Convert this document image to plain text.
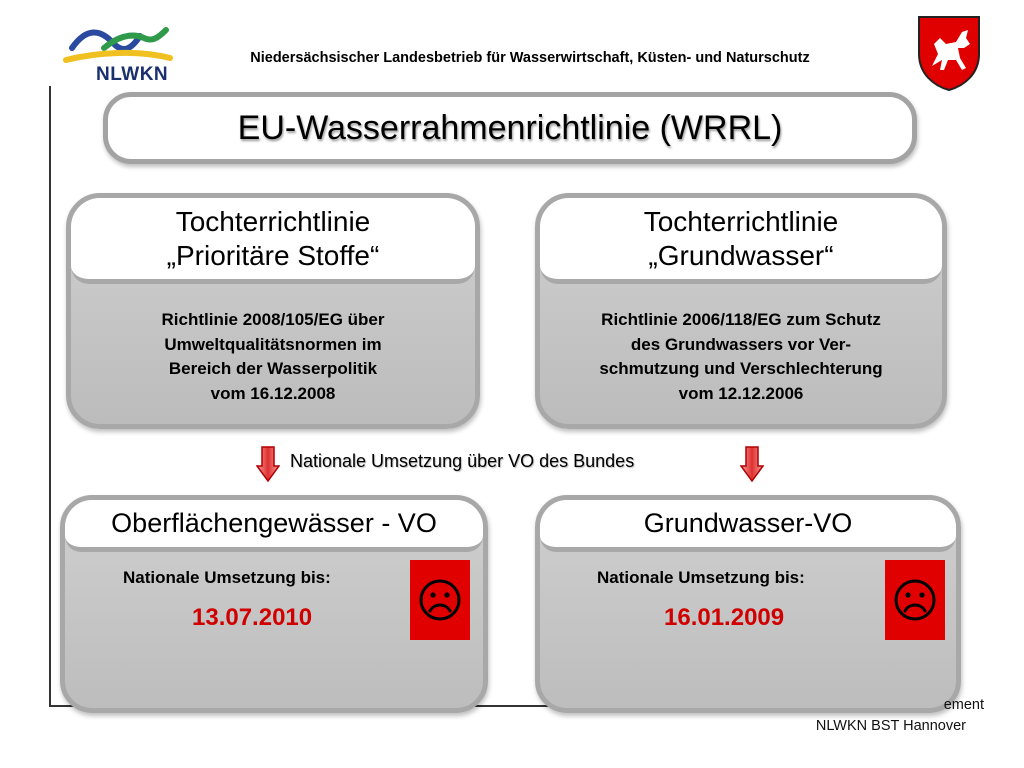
NLWKN
Niedersächsischer Landesbetrieb für Wasserwirtschaft, Küsten- und Naturschutz
EU-Wasserrahmenrichtlinie (WRRL)
Tochterrichtlinie
„Prioritäre Stoffe“
Richtlinie 2008/105/EG über
Umweltqualitätsnormen im
Bereich der Wasserpolitik
vom 16.12.2008
Tochterrichtlinie
„Grundwasser“
Richtlinie 2006/118/EG zum Schutz
des Grundwassers vor Ver-
schmutzung und Verschlechterung
vom 12.12.2006
Nationale Umsetzung über VO des Bundes
Oberflächengewässer - VO
Nationale Umsetzung bis:
13.07.2010
Grundwasser-VO
Nationale Umsetzung bis:
16.01.2009
ement
NLWKN BST Hannover
